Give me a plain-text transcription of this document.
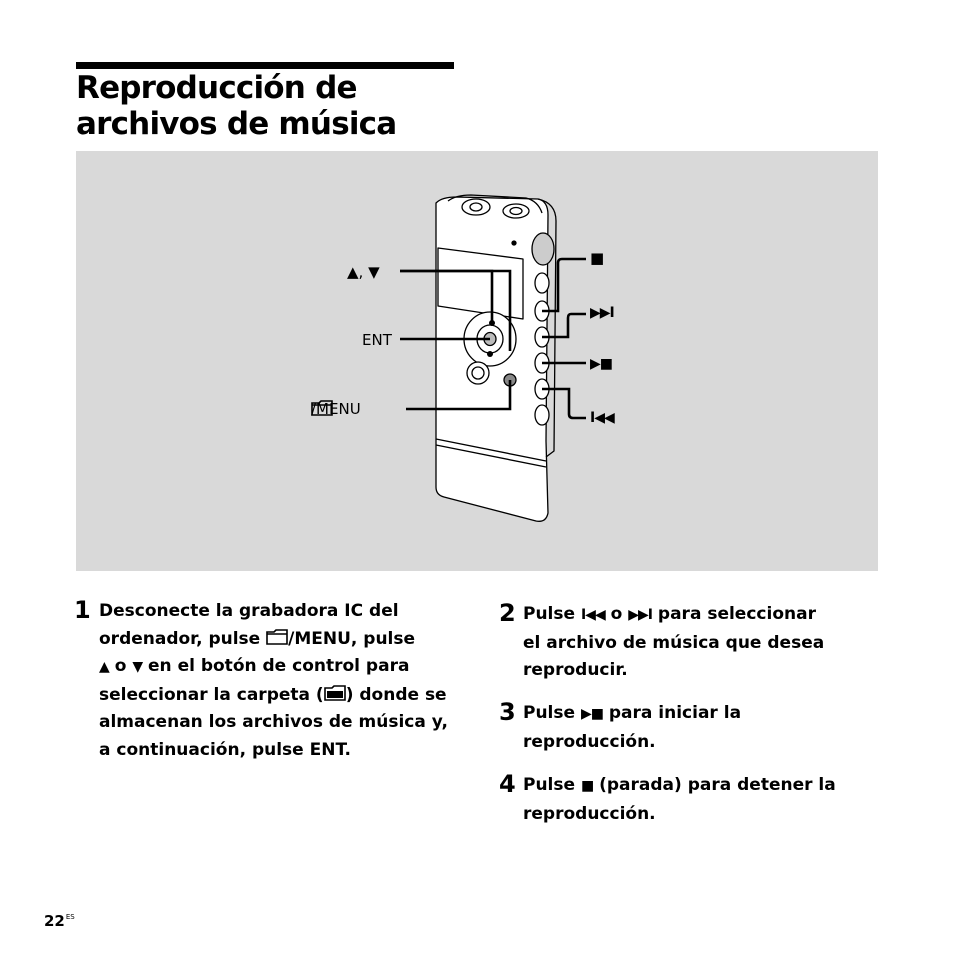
Reproducción de
archivos de música
▲, ▼
ENT
/MENU
■
▶▶I
▶■
I◀◀
1 Desconecte la grabadora IC del
ordenador, pulse
/MENU, pulse
▲ o ▼ en el botón de control para
seleccionar la carpeta ( ) donde se
almacenan los archivos de música y,
a continuación, pulse ENT.
2 Pulse I◀◀ o ▶▶I para seleccionar
el archivo de música que desea
reproducir.
3 Pulse ▶■ para iniciar la
reproducción.
4 Pulse ■ (parada) para detener la
reproducción.
$22^{ES}$
